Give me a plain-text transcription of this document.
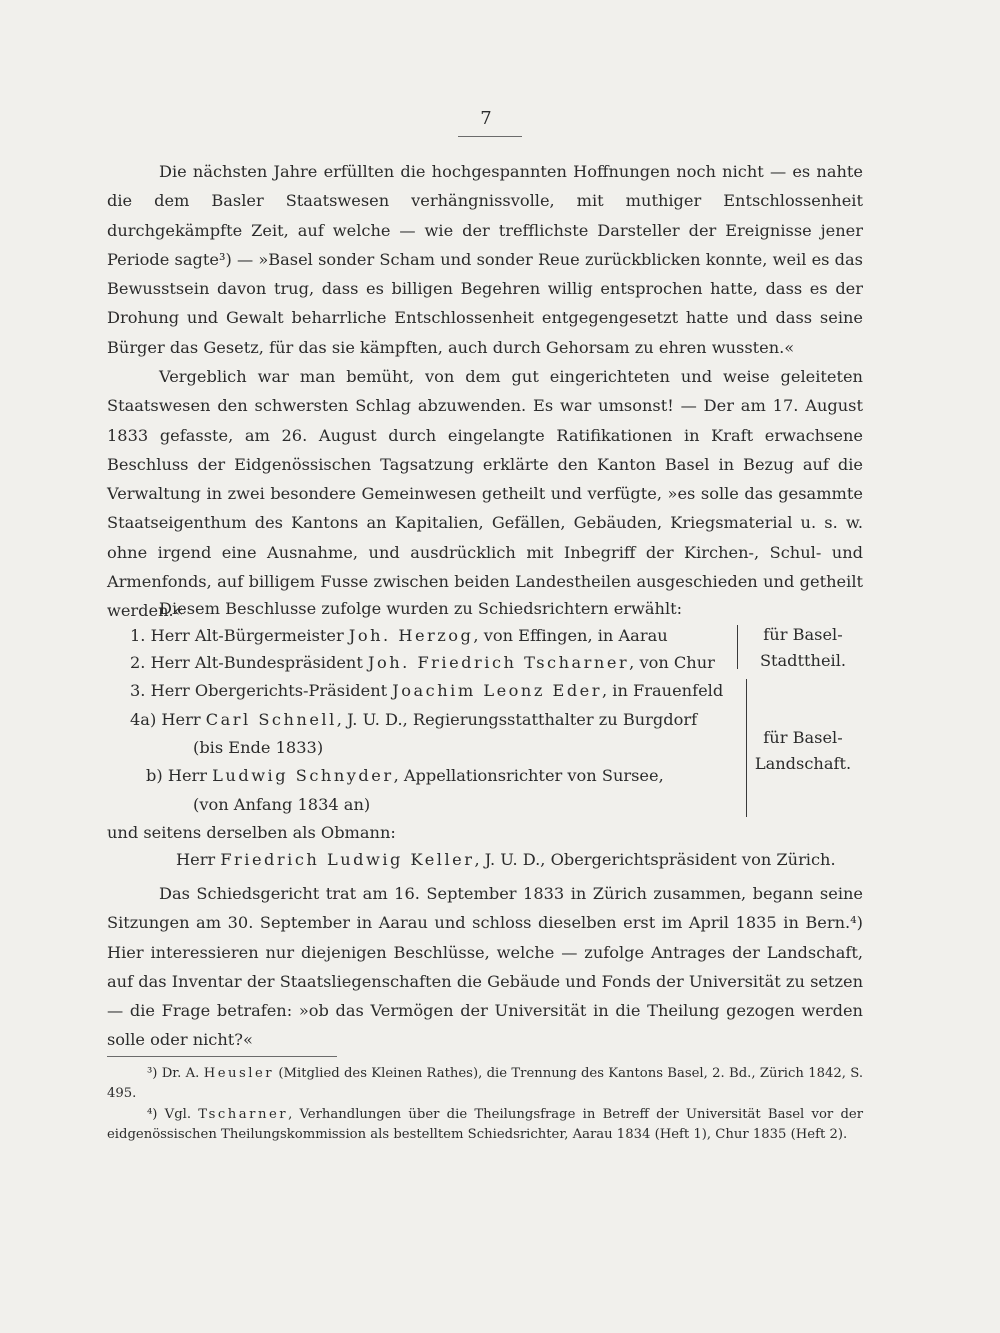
7

Die nächsten Jahre erfüllten die hochgespannten Hoffnungen noch nicht — es nahte die dem Basler Staatswesen verhängnissvolle, mit muthiger Entschlossenheit durchgekämpfte Zeit, auf welche — wie der trefflichste Darsteller der Ereignisse jener Periode sagte³) — »Basel sonder Scham und sonder Reue zurückblicken konnte, weil es das Bewusstsein davon trug, dass es billigen Begehren willig entsprochen hatte, dass es der Drohung und Gewalt beharrliche Entschlossenheit entgegengesetzt hatte und dass seine Bürger das Gesetz, für das sie kämpften, auch durch Gehorsam zu ehren wussten.«

Vergeblich war man bemüht, von dem gut eingerichteten und weise geleiteten Staatswesen den schwersten Schlag abzuwenden. Es war umsonst! — Der am 17. August 1833 gefasste, am 26. August durch eingelangte Ratifikationen in Kraft erwachsene Beschluss der Eidgenössischen Tagsatzung erklärte den Kanton Basel in Bezug auf die Verwaltung in zwei besondere Gemeinwesen getheilt und verfügte, »es solle das gesammte Staatseigenthum des Kantons an Kapitalien, Gefällen, Gebäuden, Kriegsmaterial u. s. w. ohne irgend eine Ausnahme, und ausdrücklich mit Inbegriff der Kirchen-, Schul- und Armenfonds, auf billigem Fusse zwischen beiden Landestheilen ausgeschieden und getheilt werden.«

Diesem Beschlusse zufolge wurden zu Schiedsrichtern erwählt:
1. Herr Alt-Bürgermeister Joh. Herzog, von Effingen, in Aarau
2. Herr Alt-Bundespräsident Joh. Friedrich Tscharner, von Chur
3. Herr Obergerichts-Präsident Joachim Leonz Eder, in Frauenfeld
4a) Herr Carl Schnell, J. U. D., Regierungsstatthalter zu Burgdorf
(bis Ende 1833)
b) Herr Ludwig Schnyder, Appellationsrichter von Sursee,
(von Anfang 1834 an)
für Basel-
Stadttheil.
für Basel-
Landschaft.
und seitens derselben als Obmann:
Herr Friedrich Ludwig Keller, J. U. D., Obergerichtspräsident von Zürich.

Das Schiedsgericht trat am 16. September 1833 in Zürich zusammen, begann seine Sitzungen am 30. September in Aarau und schloss dieselben erst im April 1835 in Bern.⁴) Hier interessieren nur diejenigen Beschlüsse, welche — zufolge Antrages der Landschaft, auf das Inventar der Staatsliegenschaften die Gebäude und Fonds der Universität zu setzen — die Frage betrafen: »ob das Vermögen der Universität in die Theilung gezogen werden solle oder nicht?«

³) Dr. A. Heusler (Mitglied des Kleinen Rathes), die Trennung des Kantons Basel, 2. Bd., Zürich 1842, S. 495.

⁴) Vgl. Tscharner, Verhandlungen über die Theilungsfrage in Betreff der Universität Basel vor der eidgenössischen Theilungskommission als bestelltem Schiedsrichter, Aarau 1834 (Heft 1), Chur 1835 (Heft 2).
